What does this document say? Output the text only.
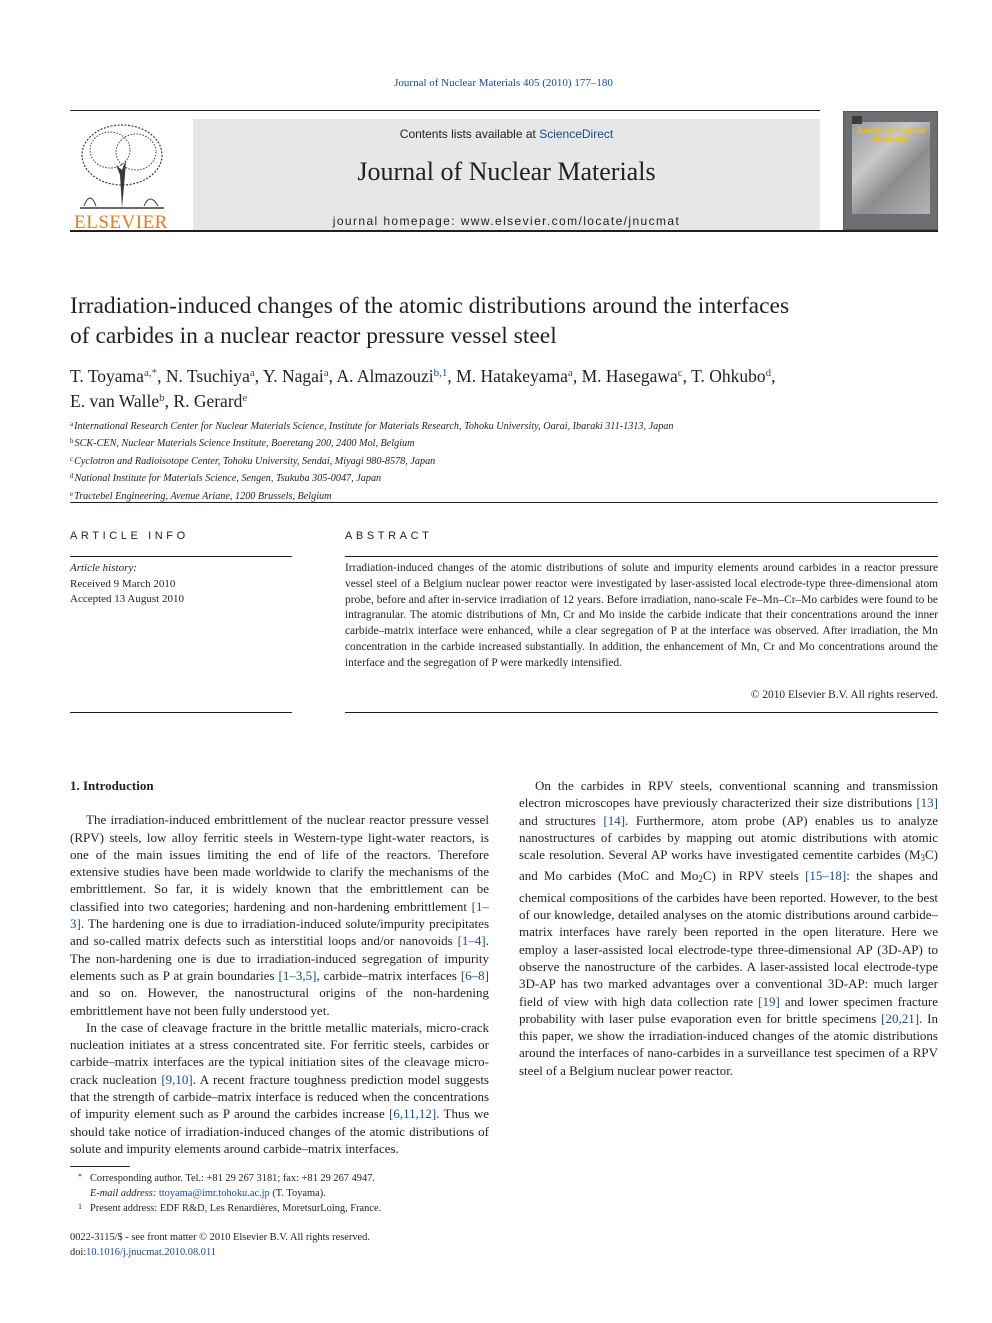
Journal of Nuclear Materials 405 (2010) 177–180
ELSEVIER
Contents lists available at ScienceDirect
Journal of Nuclear Materials
journal homepage: www.elsevier.com/locate/jnucmat
Journal of Nuclear Materials
Irradiation-induced changes of the atomic distributions around the interfaces
of carbides in a nuclear reactor pressure vessel steel
T. Toyama$^{a,*}$, N. Tsuchiya$^a$, Y. Nagai$^a$, A. Almazouzi$^{b,1}$, M. Hatakeyama$^a$, M. Hasegawa$^c$, T. Ohkubo$^d$,
E. van Walle$^b$, R. Gerard$^e$
$^a$International Research Center for Nuclear Materials Science, Institute for Materials Research, Tohoku University, Oarai, Ibaraki 311-1313, Japan
$^b$SCK-CEN, Nuclear Materials Science Institute, Boeretang 200, 2400 Mol, Belgium
$^c$Cyclotron and Radioisotope Center, Tohoku University, Sendai, Miyagi 980-8578, Japan
$^d$National Institute for Materials Science, Sengen, Tsukuba 305-0047, Japan
$^e$Tractebel Engineering, Avenue Ariane, 1200 Brussels, Belgium
ARTICLE INFO
Article history:
Received 9 March 2010
Accepted 13 August 2010
ABSTRACT
Irradiation-induced changes of the atomic distributions of solute and impurity elements around carbides in a reactor pressure vessel steel of a Belgium nuclear power reactor were investigated by laser-assisted local electrode-type three-dimensional atom probe, before and after in-service irradiation of 12 years. Before irradiation, nano-scale Fe–Mn–Cr–Mo carbides were found to be intragranular. The atomic distributions of Mn, Cr and Mo inside the carbide indicate that their concentrations around the inner carbide–matrix interface were enhanced, while a clear segregation of P at the interface was observed. After irradiation, the Mn concentration in the carbide increased substantially. In addition, the enhancement of Mn, Cr and Mo concentrations around the interface and the segregation of P were markedly intensified.
© 2010 Elsevier B.V. All rights reserved.

1. Introduction

The irradiation-induced embrittlement of the nuclear reactor pressure vessel (RPV) steels, low alloy ferritic steels in Western-type light-water reactors, is one of the main issues limiting the end of life of the reactors. Therefore extensive studies have been made worldwide to clarify the mechanisms of the embrittlement. So far, it is widely known that the embrittlement can be classified into two categories; hardening and non-hardening embrittlement [1–3]. The hardening one is due to irradiation-induced solute/impurity precipitates and so-called matrix defects such as interstitial loops and/or nanovoids [1–4]. The non-hardening one is due to irradiation-induced segregation of impurity elements such as P at grain boundaries [1–3,5], carbide–matrix interfaces [6–8] and so on. However, the nanostructural origins of the non-hardening embrittlement have not been fully understood yet.

In the case of cleavage fracture in the brittle metallic materials, micro-crack nucleation initiates at a stress concentrated site. For ferritic steels, carbides or carbide–matrix interfaces are the typical initiation sites of the cleavage micro-crack nucleation [9,10]. A recent fracture toughness prediction model suggests that the strength of carbide–matrix interface is reduced when the concentrations of impurity element such as P around the carbides increase [6,11,12]. Thus we should take notice of irradiation-induced changes of the atomic distributions of solute and impurity elements around carbide–matrix interfaces.

On the carbides in RPV steels, conventional scanning and transmission electron microscopes have previously characterized their size distributions [13] and structures [14]. Furthermore, atom probe (AP) enables us to analyze nanostructures of carbides by mapping out atomic distributions with atomic scale resolution. Several AP works have investigated cementite carbides $(M_3C)$ and Mo carbides (MoC and $Mo_2C$) in RPV steels [15–18]: the shapes and chemical compositions of the carbides have been reported. However, to the best of our knowledge, detailed analyses on the atomic distributions around carbide–matrix interfaces have rarely been reported in the open literature. Here we employ a laser-assisted local electrode-type three-dimensional AP (3D-AP) to observe the nanostructure of the carbides. A laser-assisted local electrode-type 3D-AP has two marked advantages over a conventional 3D-AP: much larger field of view with high data collection rate [19] and lower specimen fracture probability with laser pulse evaporation even for brittle specimens [20,21]. In this paper, we show the irradiation-induced changes of the atomic distributions around the interfaces of nano-carbides in a surveillance test specimen of a RPV steel of a Belgium nuclear power reactor.

* Corresponding author. Tel.: +81 29 267 3181; fax: +81 29 267 4947.
E-mail address: ttoyama@imr.tohoku.ac.jp (T. Toyama).
1 Present address: EDF R&D, Les Renardières, MoretsurLoing, France.
0022-3115/$ - see front matter © 2010 Elsevier B.V. All rights reserved.
doi:10.1016/j.jnucmat.2010.08.011
